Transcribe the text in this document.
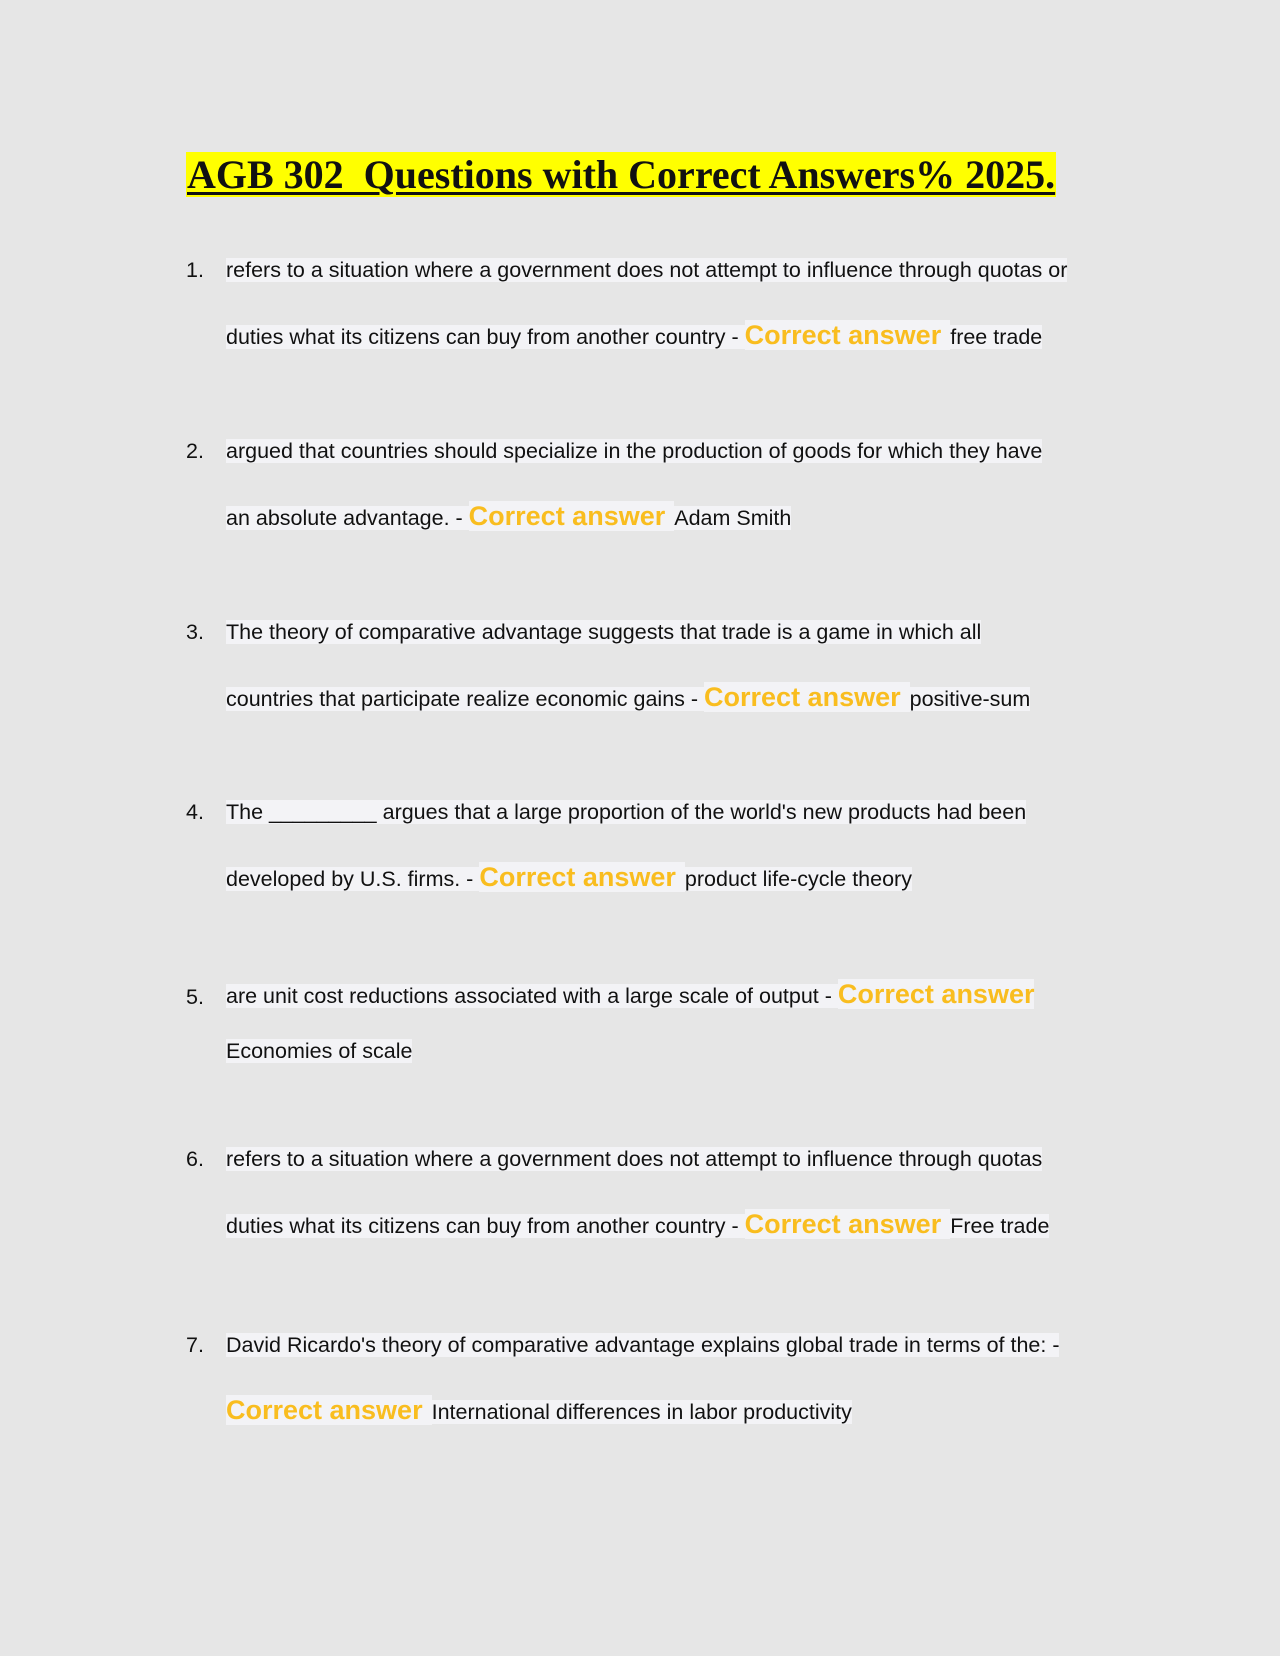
AGB 302  Questions with Correct Answers% 2025.
1.	refers to a situation where a government does not attempt to influence through quotas or
duties what its citizens can buy from another country - Correct answer free trade
2.	argued that countries should specialize in the production of goods for which they have
an absolute advantage. - Correct answer Adam Smith
3.	The theory of comparative advantage suggests that trade is a game in which all
countries that participate realize economic gains - Correct answer positive-sum
4.	The _________ argues that a large proportion of the world's new products had been
developed by U.S. firms. - Correct answer product life-cycle theory
5.	are unit cost reductions associated with a large scale of output - Correct answer
Economies of scale
6.	refers to a situation where a government does not attempt to influence through quotas
duties what its citizens can buy from another country - Correct answer Free trade
7.	David Ricardo's theory of comparative advantage explains global trade in terms of the: -
Correct answer International differences in labor productivity
